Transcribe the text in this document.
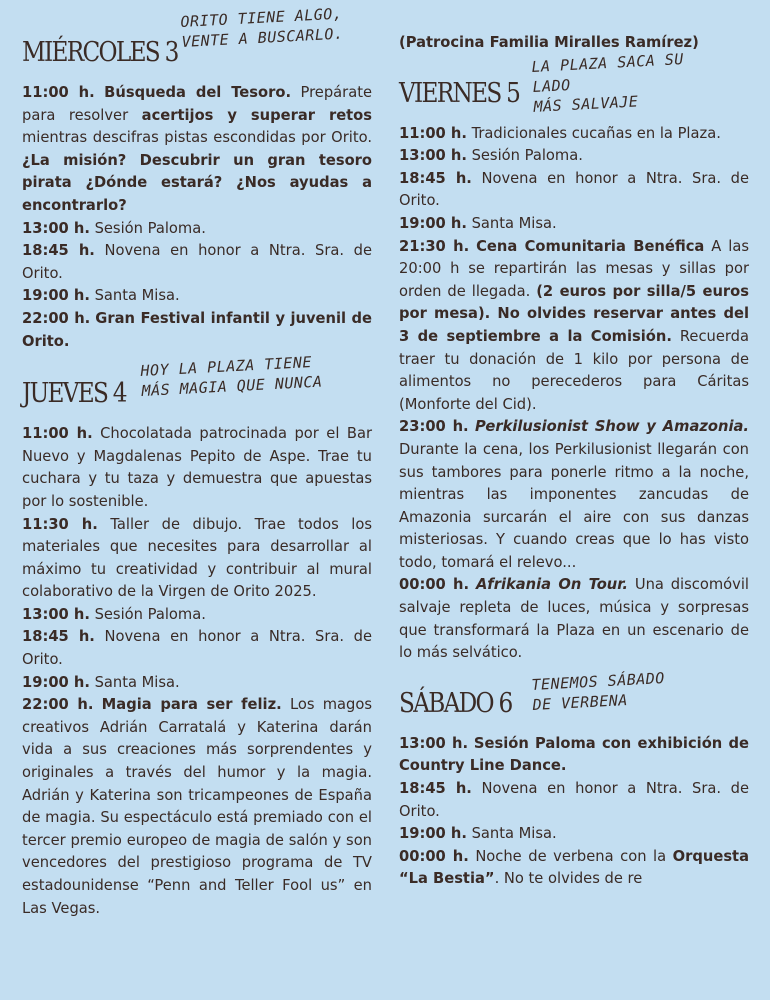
MIÉRCOLES 3
ORITO TIENE ALGO,
VENTE A BUSCARLO.

11:00 h. Búsqueda del Tesoro. Prepárate para resolver acertijos y superar retos mientras descifras pistas escondidas por Orito. ¿La misión? Descubrir un gran tesoro pirata ¿Dónde estará? ¿Nos ayudas a encontrarlo?

13:00 h. Sesión Paloma.

18:45 h. Novena en honor a Ntra. Sra. de Orito.

19:00 h. Santa Misa.

22:00 h. Gran Festival infantil y juvenil de Orito.

JUEVES 4
HOY LA PLAZA TIENE
MÁS MAGIA QUE NUNCA

11:00 h. Chocolatada patrocinada por el Bar Nuevo y Magdalenas Pepito de Aspe. Trae tu cuchara y tu taza y demuestra que apuestas por lo sostenible.

11:30 h. Taller de dibujo. Trae todos los materiales que necesites para desarrollar al máximo tu creatividad y contribuir al mural colaborativo de la Virgen de Orito 2025.

13:00 h. Sesión Paloma.

18:45 h. Novena en honor a Ntra. Sra. de Orito.

19:00 h. Santa Misa.

22:00 h. Magia para ser feliz. Los magos creativos Adrián Carratalá y Katerina darán vida a sus creaciones más sorprendentes y originales a través del humor y la magia. Adrián y Katerina son tricampeones de España de magia. Su espectáculo está premiado con el tercer premio europeo de magia de salón y son vencedores del prestigioso programa de TV estadounidense “Penn and Teller Fool us” en Las Vegas.

(Patrocina Familia Miralles Ramírez)

VIERNES 5
LA PLAZA SACA SU LADO
MÁS SALVAJE

11:00 h. Tradicionales cucañas en la Plaza.

13:00 h. Sesión Paloma.

18:45 h. Novena en honor a Ntra. Sra. de Orito.

19:00 h. Santa Misa.

21:30 h. Cena Comunitaria Benéfica A las 20:00 h se repartirán las mesas y sillas por orden de llegada. (2 euros por silla/5 euros por mesa). No olvides reservar antes del 3 de septiembre a la Comisión. Recuerda traer tu donación de 1 kilo por persona de alimentos no perecederos para Cáritas (Monforte del Cid).

23:00 h. Perkilusionist Show y Amazonia. Durante la cena, los Perkilusionist llegarán con sus tambores para ponerle ritmo a la noche, mientras las imponentes zancudas de Amazonia surcarán el aire con sus danzas misteriosas. Y cuando creas que lo has visto todo, tomará el relevo...

00:00 h. Afrikania On Tour. Una discomóvil salvaje repleta de luces, música y sorpresas que transformará la Plaza en un escenario de lo más selvático.

SÁBADO 6
TENEMOS SÁBADO
DE VERBENA

13:00 h. Sesión Paloma con exhibición de Country Line Dance.

18:45 h. Novena en honor a Ntra. Sra. de Orito.

19:00 h. Santa Misa.

00:00 h. Noche de verbena con la Orquesta “La Bestia”. No te olvides de re
